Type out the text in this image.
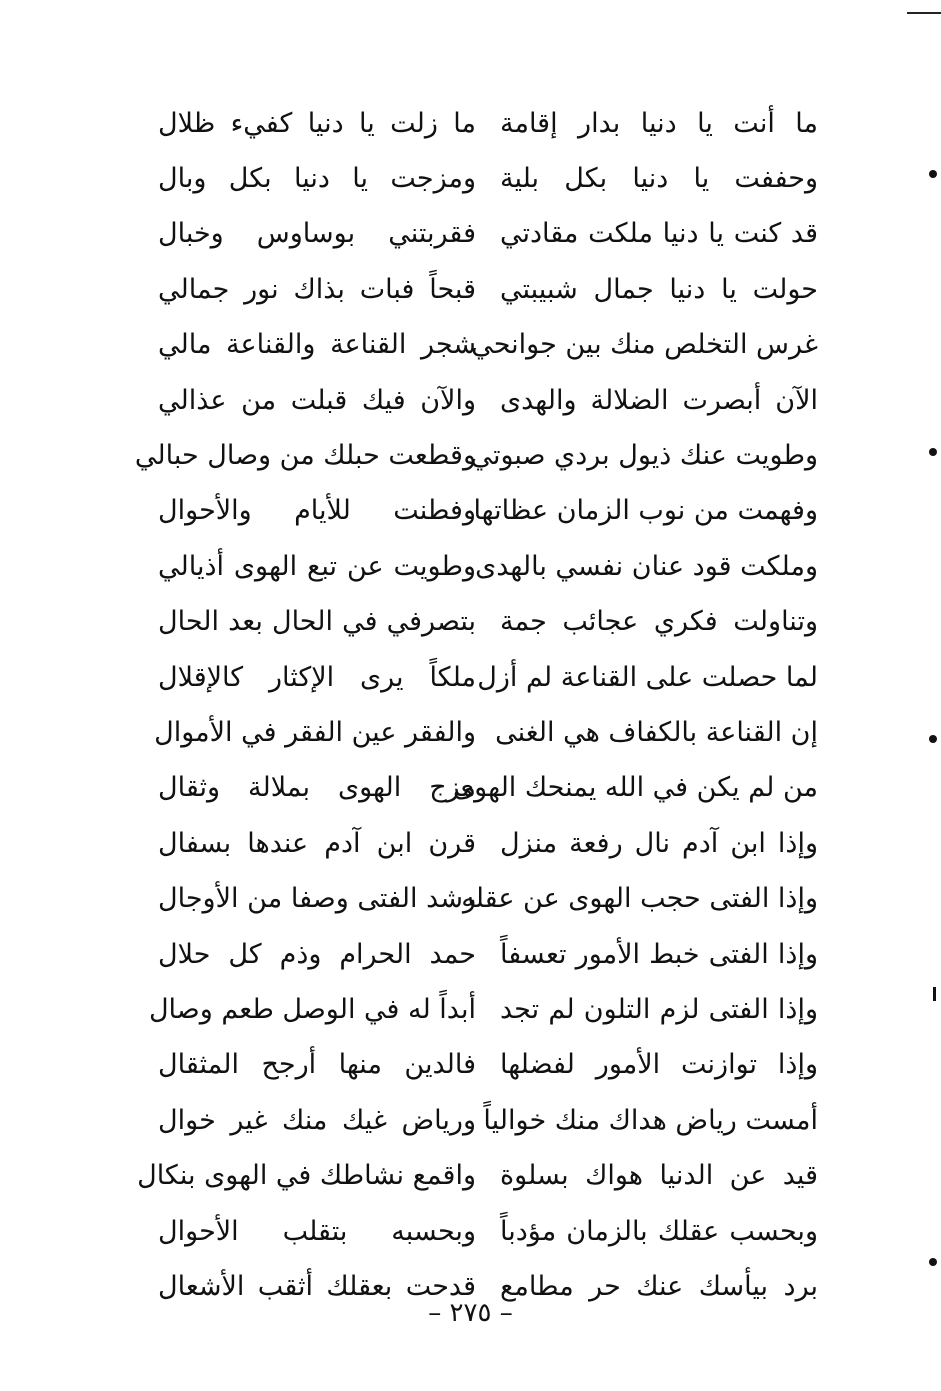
ما أنت يا دنيا بدار إقامة
ما زلت يا دنيا كفيء ظلال
وحففت يا دنيا بكل بلية
ومزجت يا دنيا بكل وبال
قد كنت يا دنيا ملكت مقادتي
فقربتني بوساوس وخبال
حولت يا دنيا جمال شبيبتي
قبحاً فبات بذاك نور جمالي
غرس التخلص منك بين جوانحي
شجر القناعة والقناعة مالي
الآن أبصرت الضلالة والهدى
والآن فيك قبلت من عذالي
وطويت عنك ذيول بردي صبوتي
وقطعت حبلك من وصال حبالي
وفهمت من نوب الزمان عظاتها
وفطنت للأيام والأحوال
وملكت قود عنان نفسي بالهدى
وطويت عن تبع الهوى أذيالي
وتناولت فكري عجائب جمة
بتصرفي في الحال بعد الحال
لما حصلت على القناعة لم أزل
ملكاً يرى الإكثار كالإقلال
إن القناعة بالكفاف هي الغنى
والفقر عين الفقر في الأموال
من لم يكن في الله يمنحك الهوى
مزج الهوى بملالة وثقال
وإذا ابن آدم نال رفعة منزل
قرن ابن آدم عندها بسفال
وإذا الفتى حجب الهوى عن عقله
رشد الفتى وصفا من الأوجال
وإذا الفتى خبط الأمور تعسفاً
حمد الحرام وذم كل حلال
وإذا الفتى لزم التلون لم تجد
أبداً له في الوصل طعم وصال
وإذا توازنت الأمور لفضلها
فالدين منها أرجح المثقال
أمست رياض هداك منك خوالياً
ورياض غيك منك غير خوال
قيد عن الدنيا هواك بسلوة
واقمع نشاطك في الهوى بنكال
وبحسب عقلك بالزمان مؤدباً
وبحسبه بتقلب الأحوال
برد بيأسك عنك حر مطامع
قدحت بعقلك أثقب الأشعال
– ٢٧٥ –
